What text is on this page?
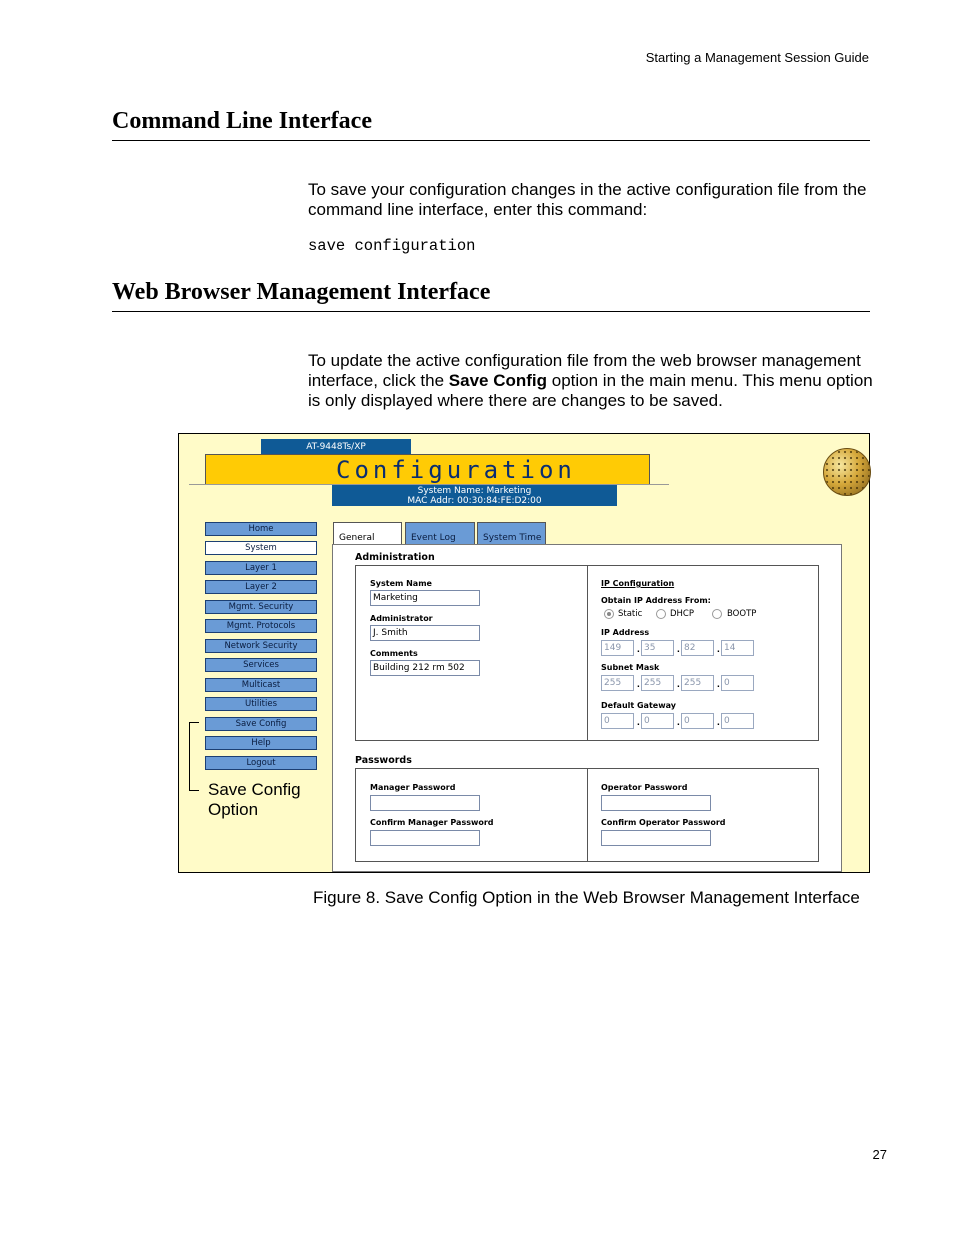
Starting a Management Session Guide
Command Line Interface
To save your configuration changes in the active configuration file from the command line interface, enter this command:
save configuration
Web Browser Management Interface
To update the active configuration file from the web browser management interface, click the Save Config option in the main menu. This menu option is only displayed where there are changes to be saved.
AT-9448Ts/XP
Configuration
System Name: Marketing
MAC Addr: 00:30:84:FE:D2:00
Home
System
Layer 1
Layer 2
Mgmt. Security
Mgmt. Protocols
Network Security
Services
Multicast
Utilities
Save Config
Help
Logout
Save Config
Option
General	Event Log	System Time
Administration
System Name
Marketing
Administrator
J. Smith
Comments
Building 212 rm 502
IP Configuration
Obtain IP Address From:
Static	DHCP	BOOTP
IP Address
149	. 35	. 82	. 14
Subnet Mask
255	. 255	. 255	. 0
Default Gateway
0	. 0	. 0	. 0
Passwords
Manager Password
Confirm Manager Password
Operator Password
Confirm Operator Password
Figure 8. Save Config Option in the Web Browser Management Interface
27
